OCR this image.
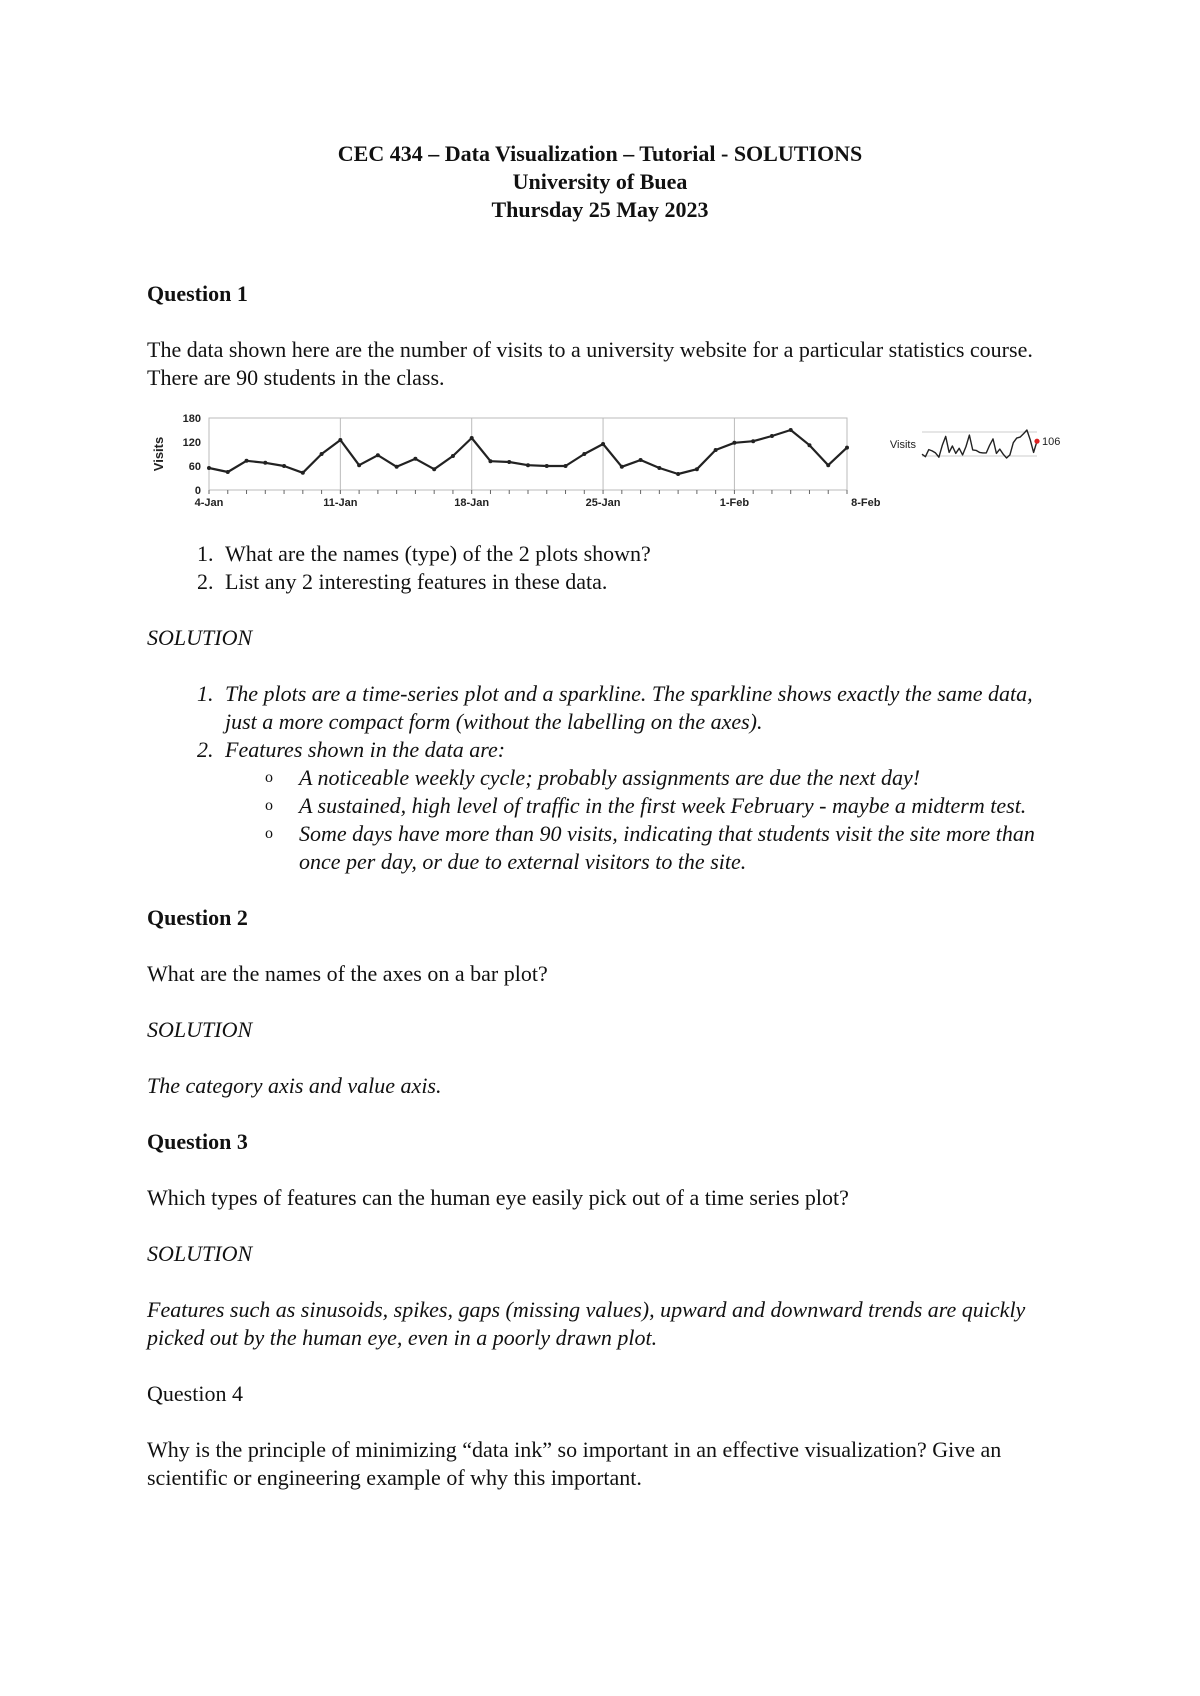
CEC 434 – Data Visualization – Tutorial - SOLUTIONS
University of Buea
Thursday 25 May 2023

Question 1

The data shown here are the number of visits to a university website for a particular statistics course. There are 90 students in the class.

0
60
120
180
4-Jan	11-Jan	18-Jan	25-Jan	1-Feb	8-Feb
Visits	Visits	106
1. What are the names (type) of the 2 plots shown?
2. List any 2 interesting features in these data.

SOLUTION

1. The plots are a time-series plot and a sparkline. The sparkline shows exactly the same data, just a more compact form (without the labelling on the axes).
2. Features shown in the data are:
o A noticeable weekly cycle; probably assignments are due the next day!
o A sustained, high level of traffic in the first week February - maybe a midterm test.
o Some days have more than 90 visits, indicating that students visit the site more than once per day, or due to external visitors to the site.

Question 2

What are the names of the axes on a bar plot?

SOLUTION

The category axis and value axis.

Question 3

Which types of features can the human eye easily pick out of a time series plot?

SOLUTION

Features such as sinusoids, spikes, gaps (missing values), upward and downward trends are quickly picked out by the human eye, even in a poorly drawn plot.

Question 4

Why is the principle of minimizing “data ink” so important in an effective visualization? Give an scientific or engineering example of why this important.
